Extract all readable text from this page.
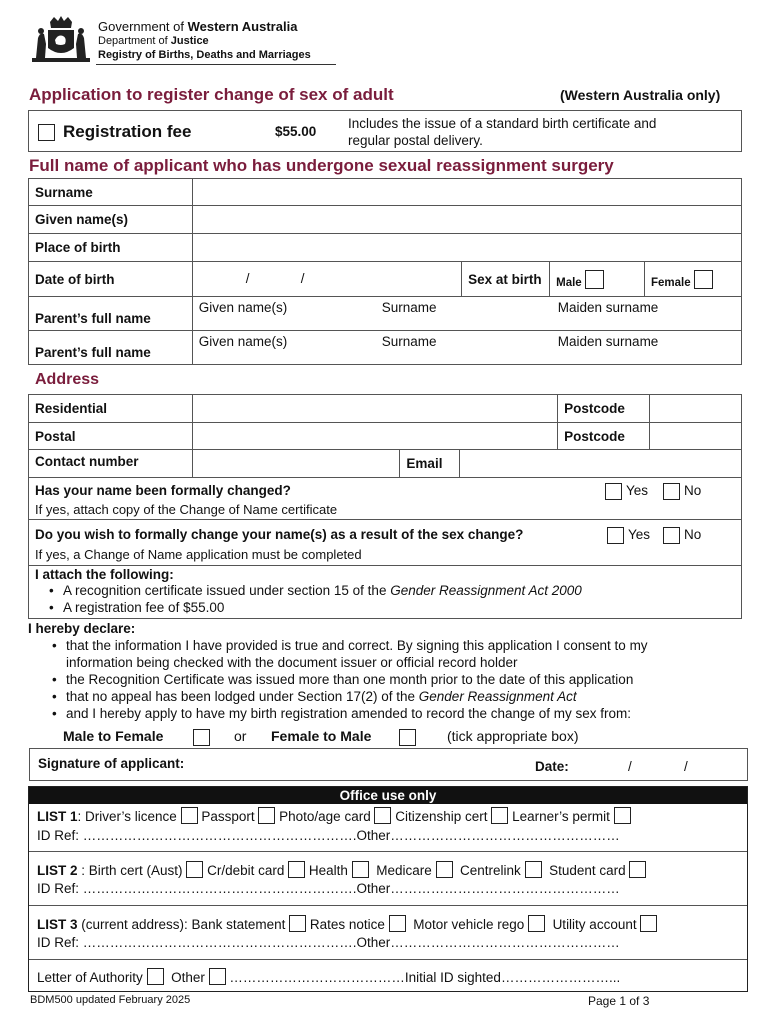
Government of Western Australia
Department of Justice
Registry of Births, Deaths and Marriages
Application to register change of sex of adult	(Western Australia only)
Registration fee	$55.00
Includes the issue of a standard birth certificate and
regular postal delivery.
Full name of applicant who has undergone sexual reassignment surgery
Surname				
Given name(s)				
Place of birth				
Date of birth	/ /	Sex at birth	Male	Female
Parent’s full name	Given name(s) Surname Maiden surname			

Parent’s full name	Given name(s) Surname Maiden surname			
Address
Residential				Postcode	
Postal				Postcode	
Contact number		Email			
Has your name been formally changed?	Yes	No
If yes, attach copy of the Change of Name certificate
Do you wish to formally change your name(s) as a result of the sex change?	Yes	No
If yes, a Change of Name application must be completed
I attach the following:
• A recognition certificate issued under section 15 of the Gender Reassignment Act 2000
• A registration fee of $55.00
I hereby declare:
• that the information I have provided is true and correct. By signing this application I consent to my
information being checked with the document issuer or official record holder
• the Recognition Certificate was issued more than one month prior to the date of this application
• that no appeal has been lodged under Section 17(2) of the Gender Reassignment Act
• and I hereby apply to have my birth registration amended to record the change of my sex from:
Male to Female	or Female to Male	(tick appropriate box)
Signature of applicant:	Date:	/	/
Office use only
LIST 1: Driver’s licence Passport Photo/age card Citizenship cert Learner’s permit
ID Ref: …………………………………………………….Other……………………………………………
LIST 2 : Birth cert (Aust) Cr/debit card Health Medicare Centrelink Student card
ID Ref: …………………………………………………….Other……………………………………………
LIST 3 (current address): Bank statement Rates notice Motor vehicle rego Utility account
ID Ref: …………………………………………………….Other……………………………………………
Letter of Authority Other …………………………………Initial ID sighted……………………...
BDM500 updated February 2025	Page 1 of 3
